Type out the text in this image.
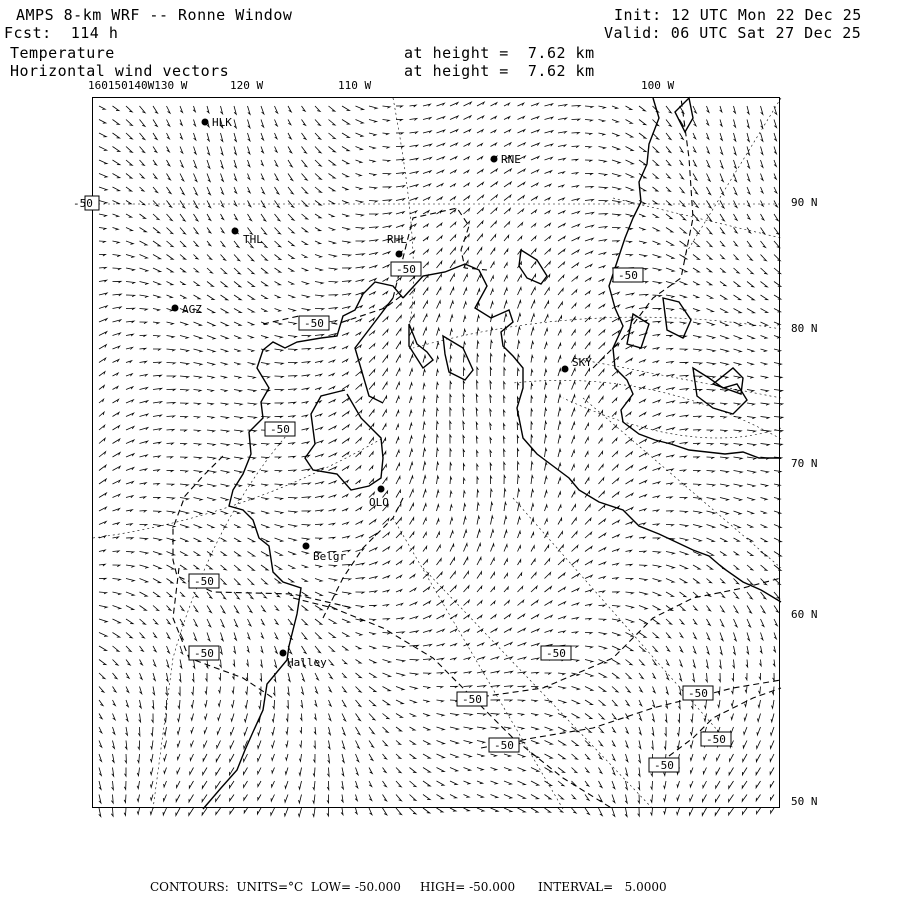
AMPS 8-km WRF -- Ronne Window
Fcst:  114 h
Temperature
Horizontal wind vectors
Init: 12 UTC Mon 22 Dec 25
Valid: 06 UTC Sat 27 Dec 25
at height =  7.62 km
at height =  7.62 km
160150140W130 W	120 W	110 W	100 W
90 N
80 N
70 N
60 N
50 N
-50	-50
-50
-50
-50
-50	-50
-50	-50
-50	-50
-50
-50
HLK
RNE
THL	RHL
AGZ
SKY
OLO
Belgr
Halley
CONTOURS:  UNITS=°C  LOW= -50.000     HIGH= -50.000      INTERVAL=   5.0000
